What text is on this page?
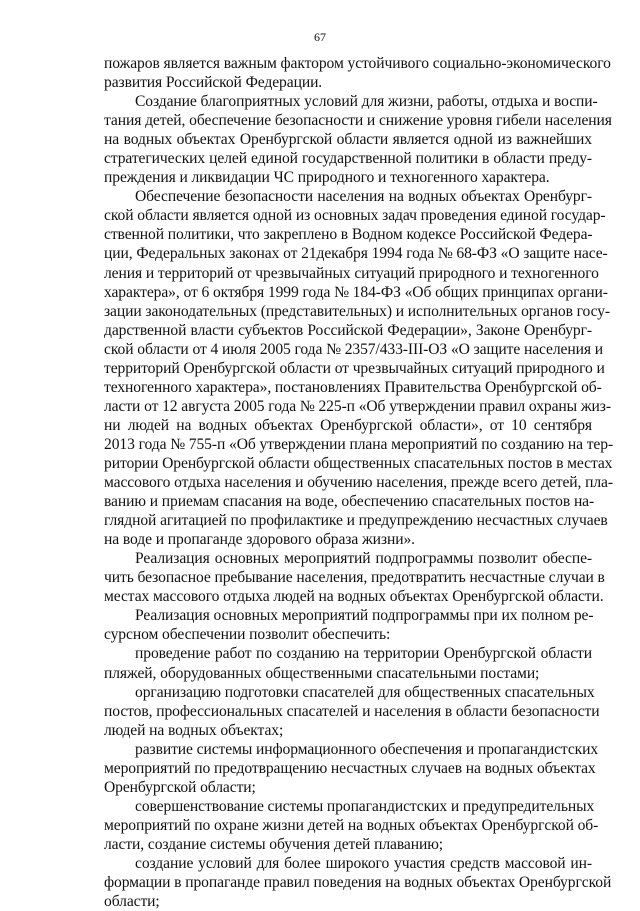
67
пожаров является важным фактором устойчивого социально-экономического
развития Российской Федерации.
Создание благоприятных условий для жизни, работы, отдыха и воспи-
тания детей, обеспечение безопасности и снижение уровня гибели населения
на водных объектах Оренбургской области является одной из важнейших
стратегических целей единой государственной политики в области преду-
преждения и ликвидации ЧС природного и техногенного характера.
Обеспечение безопасности населения на водных объектах Оренбург-
ской области является одной из основных задач проведения единой государ-
ственной политики, что закреплено в Водном кодексе Российской Федера-
ции, Федеральных законах от 21декабря 1994 года № 68-ФЗ «О защите насе-
ления и территорий от чрезвычайных ситуаций природного и техногенного
характера», от 6 октября 1999 года № 184-ФЗ «Об общих принципах органи-
зации законодательных (представительных) и исполнительных органов госу-
дарственной власти субъектов Российской Федерации», Законе Оренбург-
ской области от 4 июля 2005 года № 2357/433-III-ОЗ «О защите населения и
территорий Оренбургской области от чрезвычайных ситуаций природного и
техногенного характера», постановлениях Правительства Оренбургской об-
ласти от 12 августа 2005 года № 225-п «Об утверждении правил охраны жиз-
ни людей на водных объектах Оренбургской области», от 10 сентября
2013 года № 755-п «Об утверждении плана мероприятий по созданию на тер-
ритории Оренбургской области общественных спасательных постов в местах
массового отдыха населения и обучению населения, прежде всего детей, пла-
ванию и приемам спасания на воде, обеспечению спасательных постов на-
глядной агитацией по профилактике и предупреждению несчастных случаев
на воде и пропаганде здорового образа жизни».
Реализация основных мероприятий подпрограммы позволит обеспе-
чить безопасное пребывание населения, предотвратить несчастные случаи в
местах массового отдыха людей на водных объектах Оренбургской области.
Реализация основных мероприятий подпрограммы при их полном ре-
сурсном обеспечении позволит обеспечить:
проведение работ по созданию на территории Оренбургской области
пляжей, оборудованных общественными спасательными постами;
организацию подготовки спасателей для общественных спасательных
постов, профессиональных спасателей и населения в области безопасности
людей на водных объектах;
развитие системы информационного обеспечения и пропагандистских
мероприятий по предотвращению несчастных случаев на водных объектах
Оренбургской области;
совершенствование системы пропагандистских и предупредительных
мероприятий по охране жизни детей на водных объектах Оренбургской об-
ласти, создание системы обучения детей плаванию;
создание условий для более широкого участия средств массовой ин-
формации в пропаганде правил поведения на водных объектах Оренбургской
области;
